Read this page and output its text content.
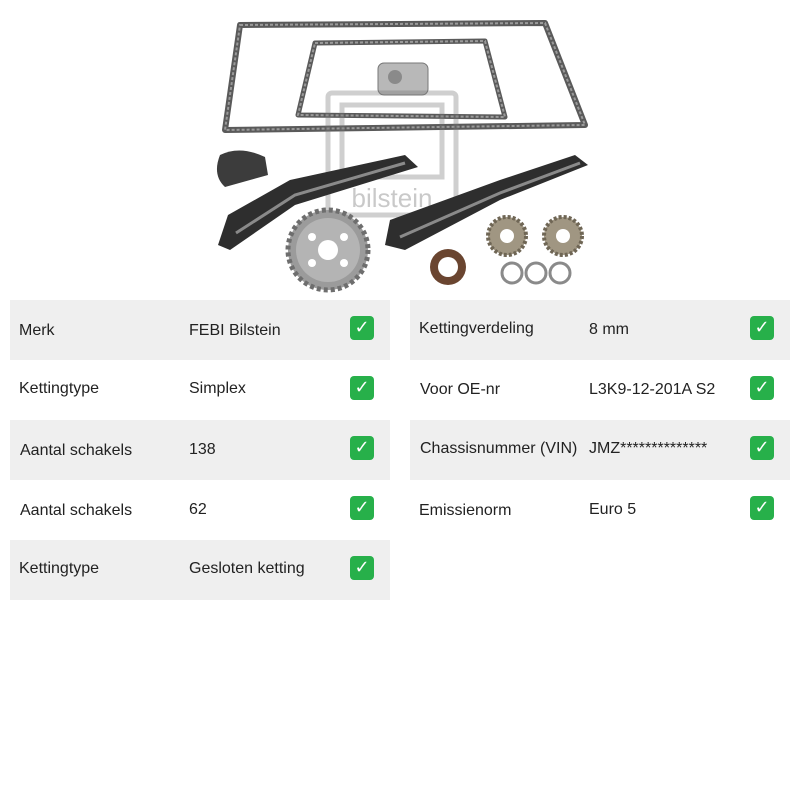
bilstein
Merk	FEBI Bilstein	✓
Kettingtype	Simplex	✓
Aantal schakels	138	✓
Aantal schakels	62	✓
Kettingtype	Gesloten ketting	✓
Kettingverdeling	8 mm	✓
Voor OE-nr	L3K9-12-201A S2 ✓
Chassisnummer (VIN) JMZ**************	✓
Emissienorm	Euro 5	✓
